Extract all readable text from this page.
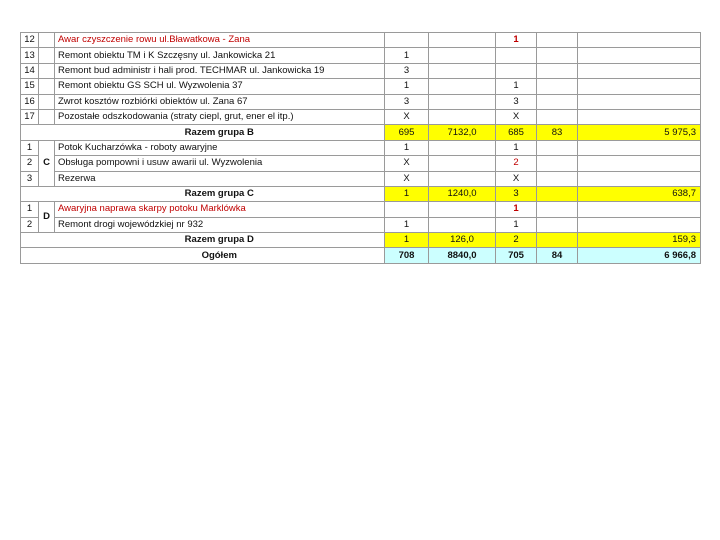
12		Awar czyszczenie rowu ul.Bławatkowa - Zana			1		
13		Remont obiektu TM i K Szczęsny ul. Jankowicka 21	1				
14		Remont bud administr i hali prod. TECHMAR ul. Jankowicka 19	3				
15		Remont obiektu GS SCH ul. Wyzwolenia 37	1		1		
16		Zwrot kosztów rozbiórki obiektów ul. Zana 67	3		3		
17		Pozostałe odszkodowania (straty ciepl, grut, ener el itp.)	X		X		
		Razem grupa B	695	7132,0	685	83	5 975,3
1	C	Potok Kucharzówka - roboty awaryjne	1		1		
2		Obsługa pompowni i usuw awarii ul. Wyzwolenia	X		2		
3		Rezerwa	X		X		
		Razem grupa C	1	1240,0	3		638,7
1	D	Awaryjna naprawa skarpy potoku Marklówka			1		
2		Remont drogi wojewódzkiej nr 932	1		1		
		Razem grupa D	1	126,0	2		159,3
		Ogółem	708	8840,0	705	84	6 966,8
